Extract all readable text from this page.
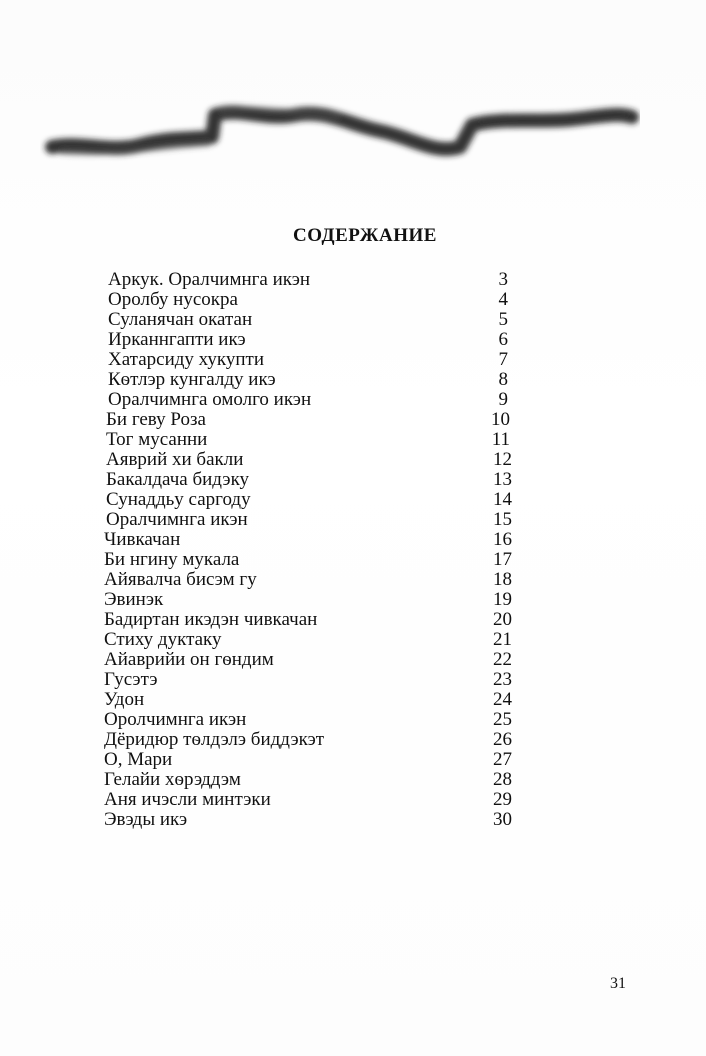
СОДЕРЖАНИЕ
Аркук. Оралчимнга икэн	3
Оролбу нусокра	4
Суланячан окатан	5
Ирканнгапти икэ	6
Хатарсиду хукупти	7
Кѳтлэр кунгалду икэ	8
Оралчимнга омолго икэн	9
Би геву Роза	10
Тог мусанни	11
Аяврий хи бакли	12
Бакалдача бидэку	13
Сунаддьу саргоду	14
Оралчимнга икэн	15
Чивкачан	16
Би нгину мукала	17
Айявалча бисэм гу	18
Эвинэк	19
Бадиртан икэдэн чивкачан	20
Стиху дуктаку	21
Айаврийи он гѳндим	22
Гусэтэ	23
Удон	24
Оролчимнга икэн	25
Дёридюр тѳлдэлэ биддэкэт	26
О, Мари	27
Гелайи хѳрэддэм	28
Аня ичэсли минтэки	29
Эвэды икэ	30
31
